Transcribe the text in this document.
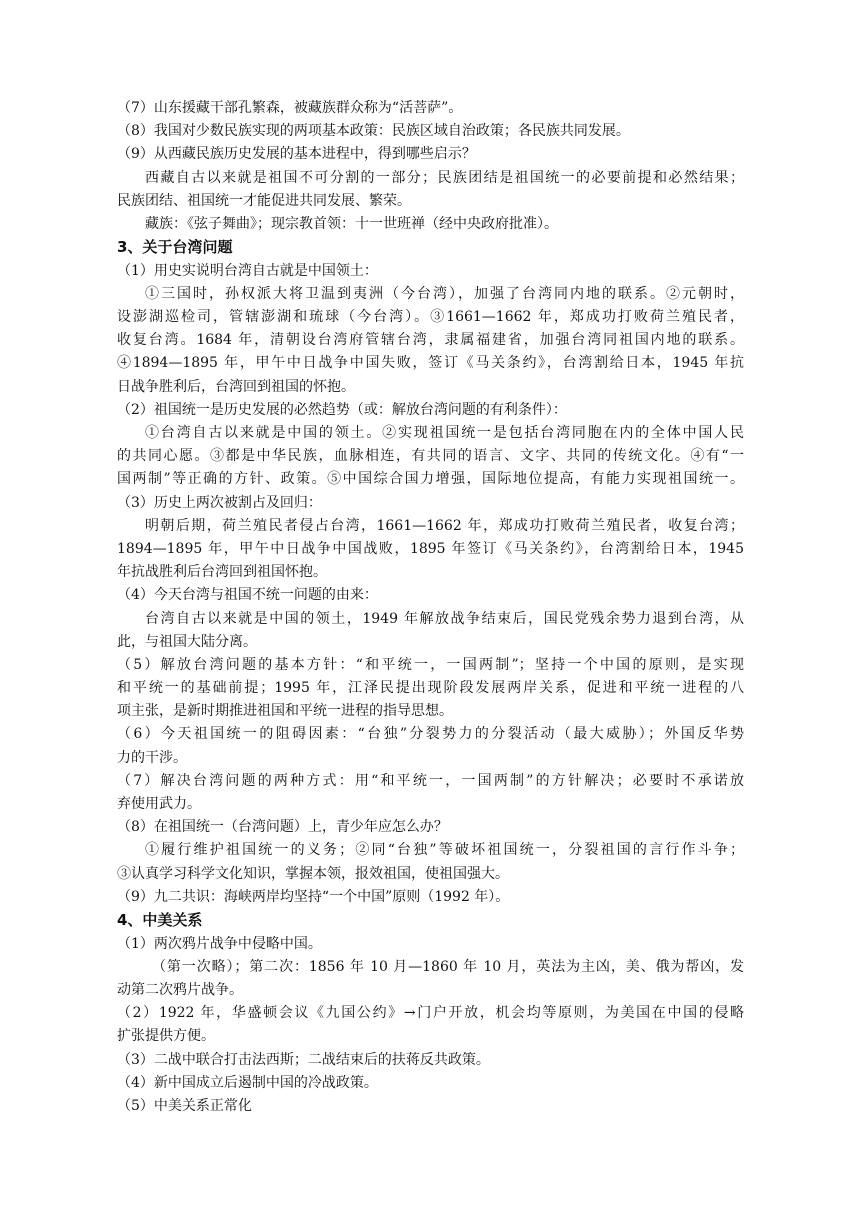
（7）山东援藏干部孔繁森，被藏族群众称为“活菩萨”。
（8）我国对少数民族实现的两项基本政策：民族区域自治政策；各民族共同发展。
（9）从西藏民族历史发展的基本进程中，得到哪些启示？
西藏自古以来就是祖国不可分割的一部分；民族团结是祖国统一的必要前提和必然结果；
民族团结、祖国统一才能促进共同发展、繁荣。
藏族：《弦子舞曲》；现宗教首领：十一世班禅（经中央政府批准）。
3、关于台湾问题
（1）用史实说明台湾自古就是中国领土：
①三国时，孙权派大将卫温到夷洲（今台湾），加强了台湾同内地的联系。②元朝时，
设澎湖巡检司，管辖澎湖和琉球（今台湾）。③1661—1662 年，郑成功打败荷兰殖民者，
收复台湾。1684 年，清朝设台湾府管辖台湾，隶属福建省，加强台湾同祖国内地的联系。
④1894—1895 年，甲午中日战争中国失败，签订《马关条约》，台湾割给日本，1945 年抗
日战争胜利后，台湾回到祖国的怀抱。
（2）祖国统一是历史发展的必然趋势（或：解放台湾问题的有利条件）：
①台湾自古以来就是中国的领土。②实现祖国统一是包括台湾同胞在内的全体中国人民
的共同心愿。③都是中华民族，血脉相连，有共同的语言、文字、共同的传统文化。④有“一
国两制”等正确的方针、政策。⑤中国综合国力增强，国际地位提高，有能力实现祖国统一。
（3）历史上两次被割占及回归：
明朝后期，荷兰殖民者侵占台湾，1661—1662 年，郑成功打败荷兰殖民者，收复台湾；
1894—1895 年，甲午中日战争中国战败，1895 年签订《马关条约》，台湾割给日本，1945
年抗战胜利后台湾回到祖国怀抱。
（4）今天台湾与祖国不统一问题的由来：
台湾自古以来就是中国的领土，1949 年解放战争结束后，国民党残余势力退到台湾，从
此，与祖国大陆分离。
（5）解放台湾问题的基本方针：“和平统一，一国两制”；坚持一个中国的原则，是实现
和平统一的基础前提；1995 年，江泽民提出现阶段发展两岸关系，促进和平统一进程的八
项主张，是新时期推进祖国和平统一进程的指导思想。
（6）今天祖国统一的阻碍因素：“台独”分裂势力的分裂活动（最大威胁）；外国反华势
力的干涉。
（7）解决台湾问题的两种方式：用“和平统一，一国两制”的方针解决；必要时不承诺放
弃使用武力。
（8）在祖国统一（台湾问题）上，青少年应怎么办？
①履行维护祖国统一的义务；②同“台独”等破坏祖国统一，分裂祖国的言行作斗争；
③认真学习科学文化知识，掌握本领，报效祖国，使祖国强大。
（9）九二共识：海峡两岸均坚持“一个中国”原则（1992 年）。
4、中美关系
（1）两次鸦片战争中侵略中国。
（第一次略）；第二次：1856 年 10 月—1860 年 10 月，英法为主凶，美、俄为帮凶，发
动第二次鸦片战争。
（2）1922 年，华盛顿会议《九国公约》→门户开放，机会均等原则，为美国在中国的侵略
扩张提供方便。
（3）二战中联合打击法西斯；二战结束后的扶蒋反共政策。
（4）新中国成立后遏制中国的冷战政策。
（5）中美关系正常化
